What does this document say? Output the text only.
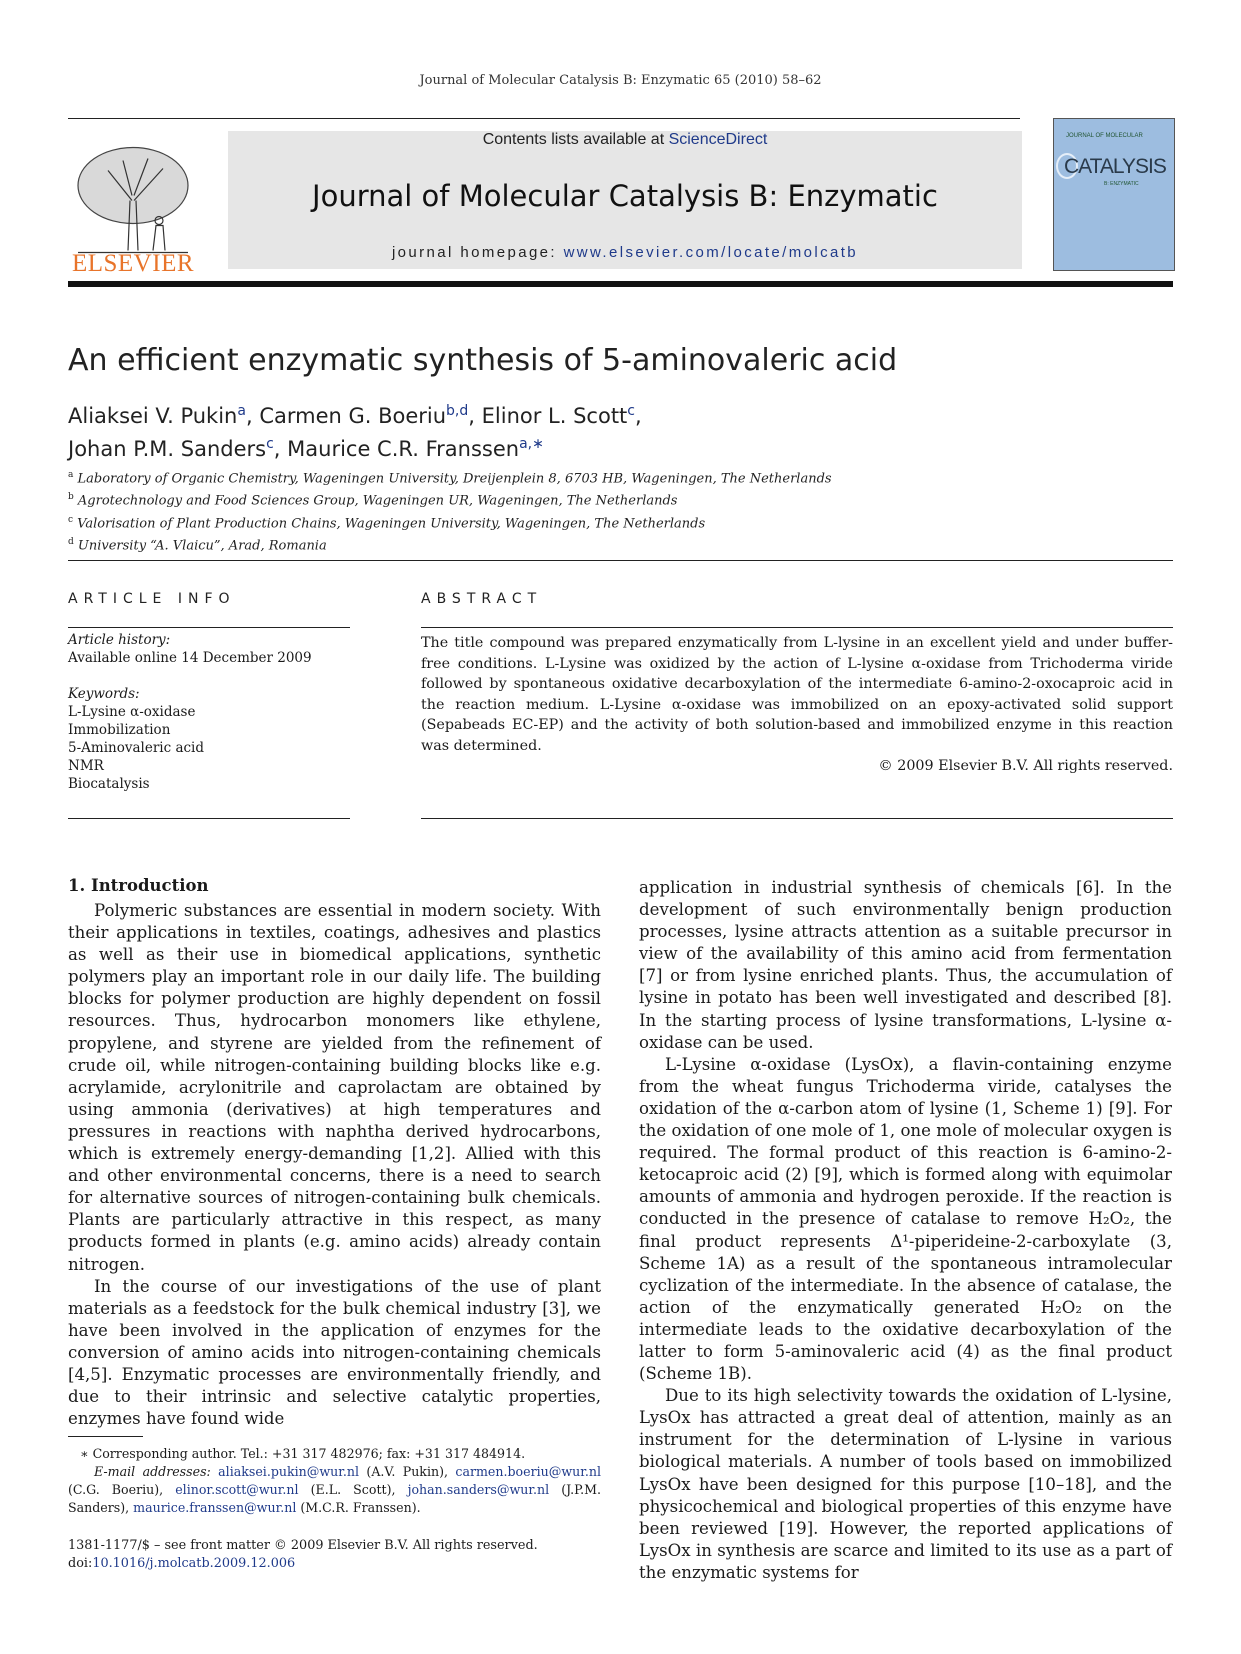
Journal of Molecular Catalysis B: Enzymatic 65 (2010) 58–62
ELSEVIER
Contents lists available at ScienceDirect
Journal of Molecular Catalysis B: Enzymatic
journal homepage: www.elsevier.com/locate/molcatb
JOURNAL OF MOLECULAR
CATALYSIS
B: ENZYMATIC
An efficient enzymatic synthesis of 5-aminovaleric acid
Aliaksei V. Pukin$^a$, Carmen G. Boeriu$^{b,d}$, Elinor L. Scott$^c$,
Johan P.M. Sanders$^c$, Maurice C.R. Franssen$^{a,∗}$
$^a$ Laboratory of Organic Chemistry, Wageningen University, Dreijenplein 8, 6703 HB, Wageningen, The Netherlands
$^b$ Agrotechnology and Food Sciences Group, Wageningen UR, Wageningen, The Netherlands
$^c$ Valorisation of Plant Production Chains, Wageningen University, Wageningen, The Netherlands
$^d$ University “A. Vlaicu”, Arad, Romania
ARTICLE INFO	ABSTRACT
Article history:
Available online 14 December 2009
Keywords:
L-Lysine α-oxidase
Immobilization
5-Aminovaleric acid
NMR
Biocatalysis
The title compound was prepared enzymatically from L-lysine in an excellent yield and under buffer-free conditions. L-Lysine was oxidized by the action of L-lysine α-oxidase from Trichoderma viride followed by spontaneous oxidative decarboxylation of the intermediate 6-amino-2-oxocaproic acid in the reaction medium. L-Lysine α-oxidase was immobilized on an epoxy-activated solid support (Sepabeads EC-EP) and the activity of both solution-based and immobilized enzyme in this reaction was determined.
© 2009 Elsevier B.V. All rights reserved.
1. Introduction

Polymeric substances are essential in modern society. With their applications in textiles, coatings, adhesives and plastics as well as their use in biomedical applications, synthetic polymers play an important role in our daily life. The building blocks for polymer production are highly dependent on fossil resources. Thus, hydrocarbon monomers like ethylene, propylene, and styrene are yielded from the refinement of crude oil, while nitrogen-containing building blocks like e.g. acrylamide, acrylonitrile and caprolactam are obtained by using ammonia (derivatives) at high temperatures and pressures in reactions with naphtha derived hydrocarbons, which is extremely energy-demanding [1,2]. Allied with this and other environmental concerns, there is a need to search for alternative sources of nitrogen-containing bulk chemicals. Plants are particularly attractive in this respect, as many products formed in plants (e.g. amino acids) already contain nitrogen.

In the course of our investigations of the use of plant materials as a feedstock for the bulk chemical industry [3], we have been involved in the application of enzymes for the conversion of amino acids into nitrogen-containing chemicals [4,5]. Enzymatic processes are environmentally friendly, and due to their intrinsic and selective catalytic properties, enzymes have found wide

application in industrial synthesis of chemicals [6]. In the development of such environmentally benign production processes, lysine attracts attention as a suitable precursor in view of the availability of this amino acid from fermentation [7] or from lysine enriched plants. Thus, the accumulation of lysine in potato has been well investigated and described [8]. In the starting process of lysine transformations, L-lysine α-oxidase can be used.

L-Lysine α-oxidase (LysOx), a flavin-containing enzyme from the wheat fungus Trichoderma viride, catalyses the oxidation of the α-carbon atom of lysine (1, Scheme 1) [9]. For the oxidation of one mole of 1, one mole of molecular oxygen is required. The formal product of this reaction is 6-amino-2-ketocaproic acid (2) [9], which is formed along with equimolar amounts of ammonia and hydrogen peroxide. If the reaction is conducted in the presence of catalase to remove H₂O₂, the final product represents Δ¹-piperideine-2-carboxylate (3, Scheme 1A) as a result of the spontaneous intramolecular cyclization of the intermediate. In the absence of catalase, the action of the enzymatically generated H₂O₂ on the intermediate leads to the oxidative decarboxylation of the latter to form 5-aminovaleric acid (4) as the final product (Scheme 1B).

Due to its high selectivity towards the oxidation of L-lysine, LysOx has attracted a great deal of attention, mainly as an instrument for the determination of L-lysine in various biological materials. A number of tools based on immobilized LysOx have been designed for this purpose [10–18], and the physicochemical and biological properties of this enzyme have been reviewed [19]. However, the reported applications of LysOx in synthesis are scarce and limited to its use as a part of the enzymatic systems for

∗ Corresponding author. Tel.: +31 317 482976; fax: +31 317 484914.
E-mail addresses: aliaksei.pukin@wur.nl (A.V. Pukin), carmen.boeriu@wur.nl (C.G. Boeriu), elinor.scott@wur.nl (E.L. Scott), johan.sanders@wur.nl (J.P.M. Sanders), maurice.franssen@wur.nl (M.C.R. Franssen).
1381-1177/$ – see front matter © 2009 Elsevier B.V. All rights reserved.
doi:10.1016/j.molcatb.2009.12.006
